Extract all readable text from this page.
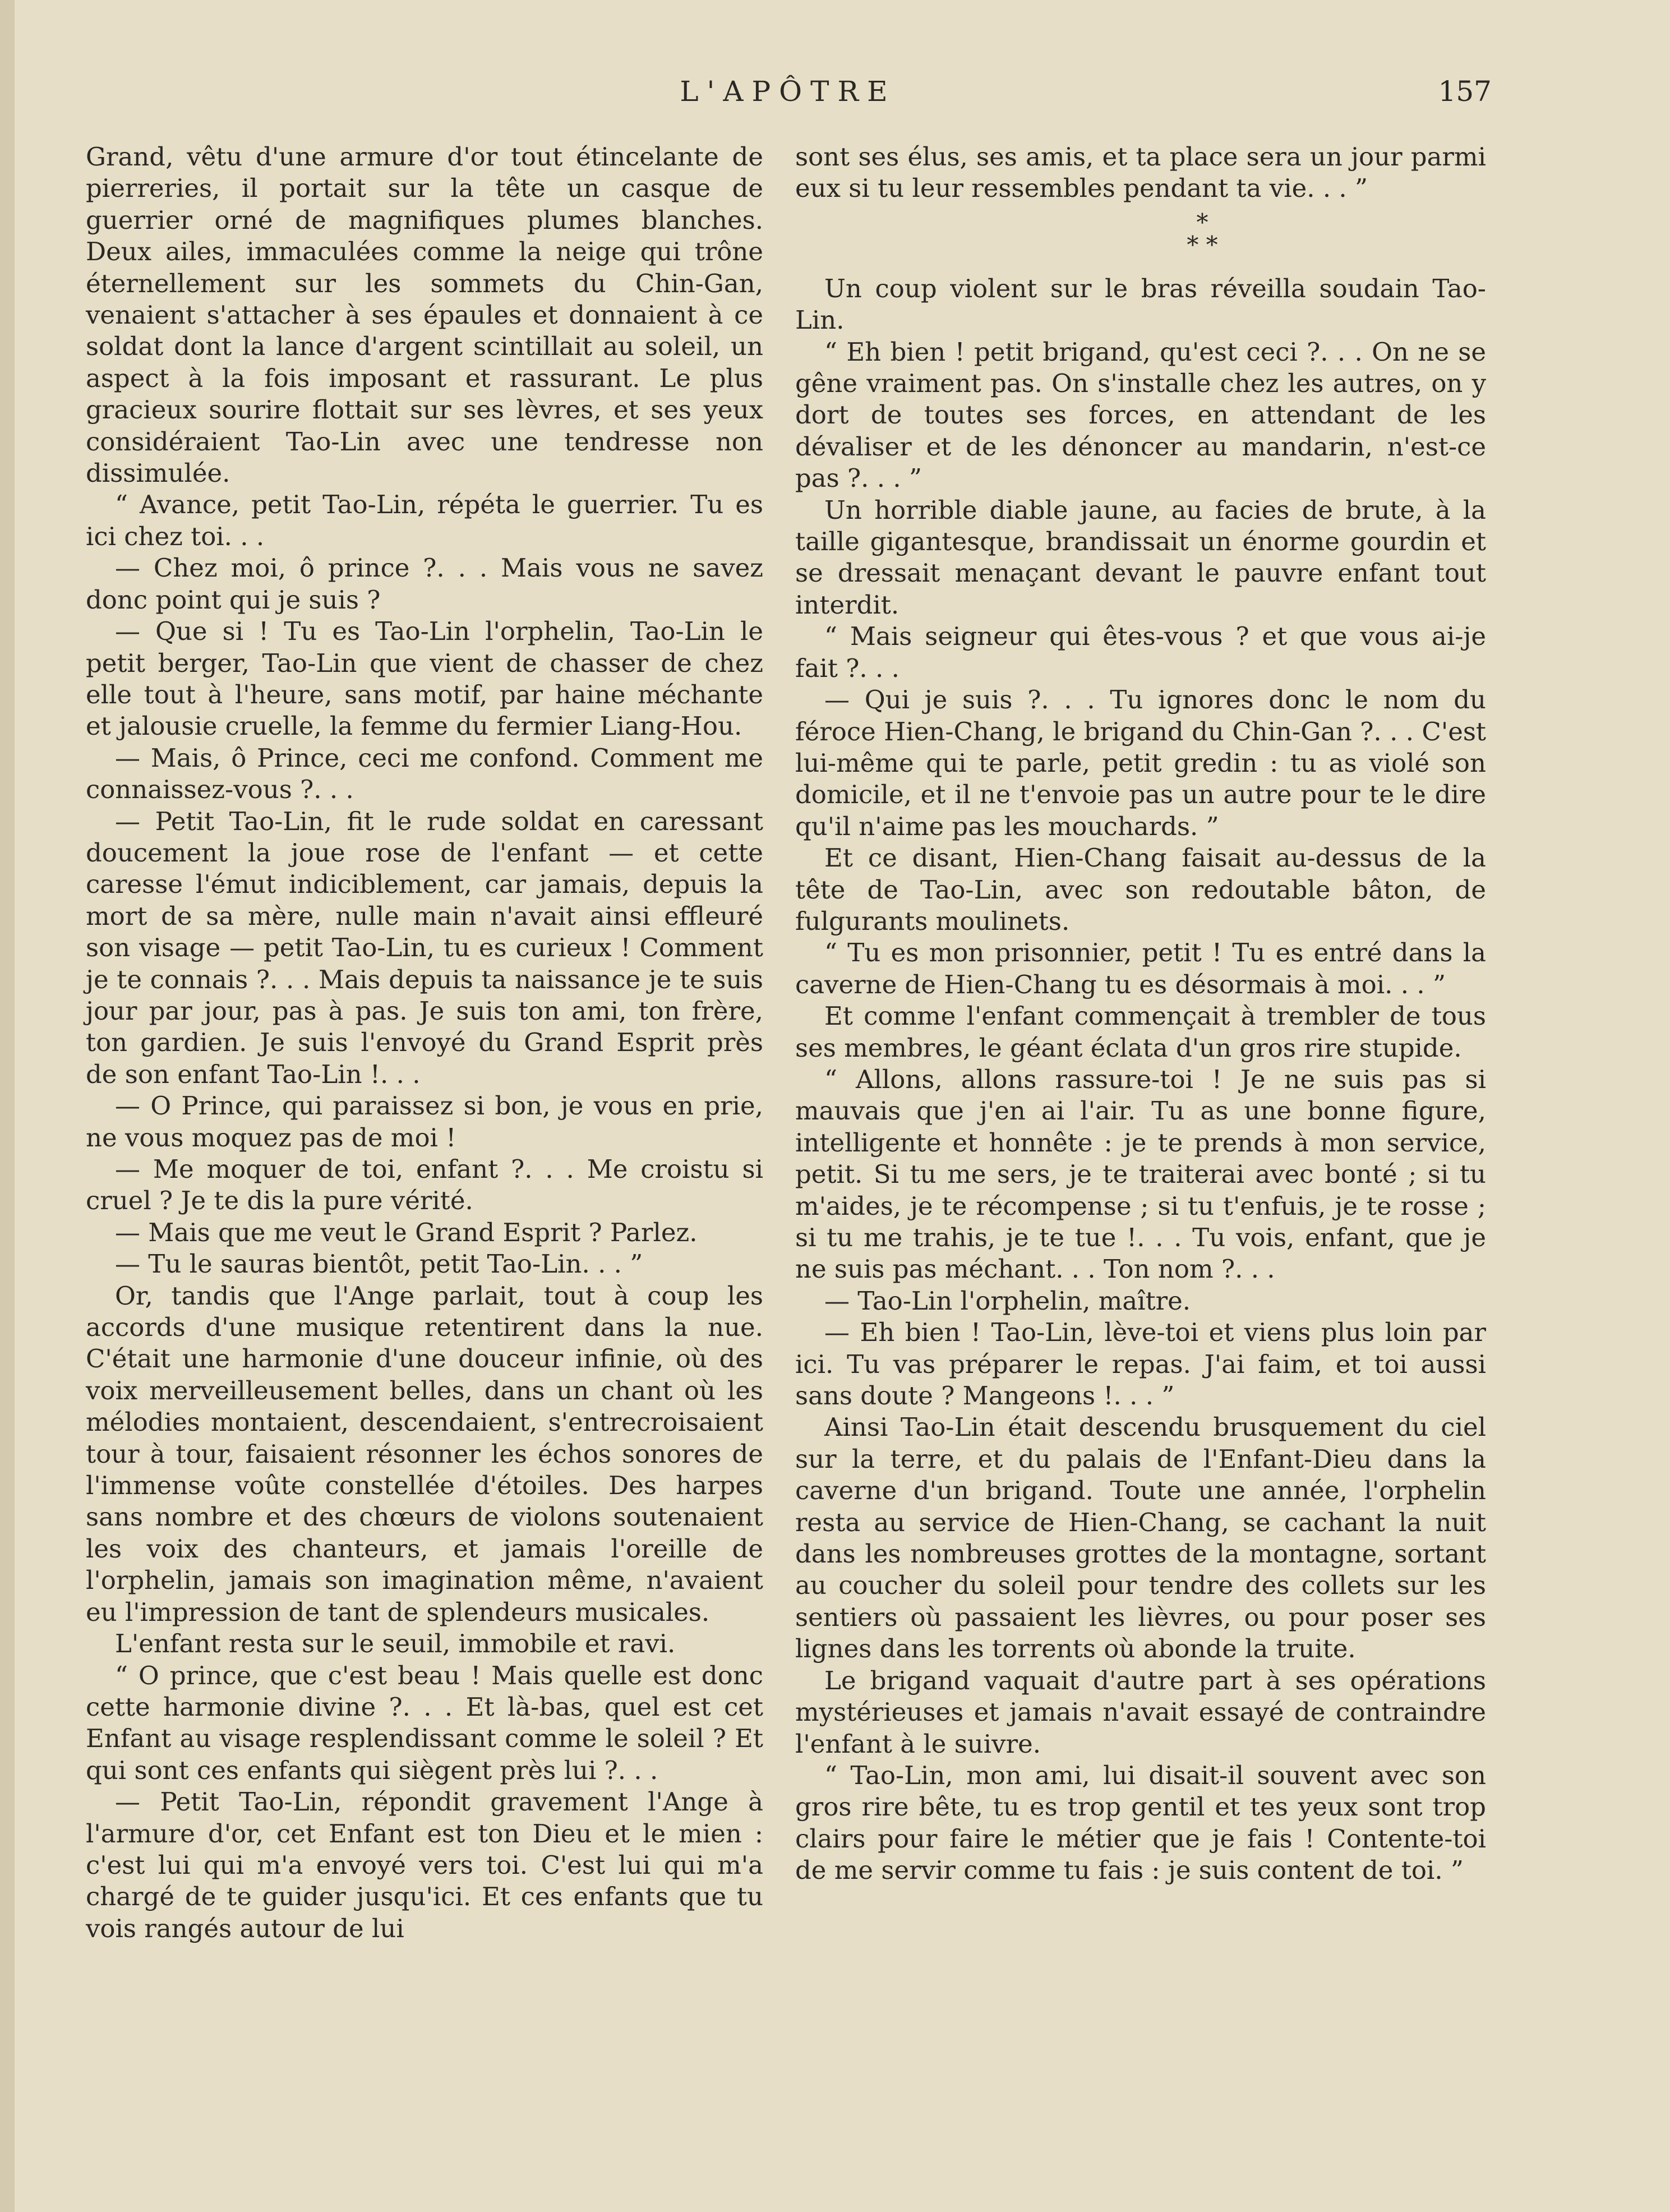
L'APÔTRE	157

Grand, vêtu d'une armure d'or tout étincelante de pierreries, il portait sur la tête un casque de guerrier orné de magnifiques plumes blanches. Deux ailes, immaculées comme la neige qui trône éternellement sur les sommets du Chin-Gan, venaient s'attacher à ses épaules et donnaient à ce soldat dont la lance d'argent scintillait au soleil, un aspect à la fois imposant et rassurant. Le plus gracieux sourire flottait sur ses lèvres, et ses yeux considéraient Tao-Lin avec une tendresse non dissimulée.

“ Avance, petit Tao-Lin, répéta le guerrier. Tu es ici chez toi. . .

— Chez moi, ô prince ?. . . Mais vous ne savez donc point qui je suis ?

— Que si ! Tu es Tao-Lin l'orphelin, Tao-Lin le petit berger, Tao-Lin que vient de chasser de chez elle tout à l'heure, sans motif, par haine méchante et jalousie cruelle, la femme du fermier Liang-Hou.

— Mais, ô Prince, ceci me confond. Comment me connaissez-vous ?. . .

— Petit Tao-Lin, fit le rude soldat en caressant doucement la joue rose de l'enfant — et cette caresse l'émut indiciblement, car jamais, depuis la mort de sa mère, nulle main n'avait ainsi effleuré son visage — petit Tao-Lin, tu es curieux ! Comment je te connais ?. . . Mais depuis ta naissance je te suis jour par jour, pas à pas. Je suis ton ami, ton frère, ton gardien. Je suis l'envoyé du Grand Esprit près de son enfant Tao-Lin !. . .

— O Prince, qui paraissez si bon, je vous en prie, ne vous moquez pas de moi !

— Me moquer de toi, enfant ?. . . Me croistu si cruel ? Je te dis la pure vérité.

— Mais que me veut le Grand Esprit ? Parlez.

— Tu le sauras bientôt, petit Tao-Lin. . . ”

Or, tandis que l'Ange parlait, tout à coup les accords d'une musique retentirent dans la nue. C'était une harmonie d'une douceur infinie, où des voix merveilleusement belles, dans un chant où les mélodies montaient, descendaient, s'entrecroisaient tour à tour, faisaient résonner les échos sonores de l'immense voûte constellée d'étoiles. Des harpes sans nombre et des chœurs de violons soutenaient les voix des chanteurs, et jamais l'oreille de l'orphelin, jamais son imagination même, n'avaient eu l'impression de tant de splendeurs musicales.

L'enfant resta sur le seuil, immobile et ravi.

“ O prince, que c'est beau ! Mais quelle est donc cette harmonie divine ?. . . Et là-bas, quel est cet Enfant au visage resplendissant comme le soleil ? Et qui sont ces enfants qui siègent près lui ?. . .

— Petit Tao-Lin, répondit gravement l'Ange à l'armure d'or, cet Enfant est ton Dieu et le mien : c'est lui qui m'a envoyé vers toi. C'est lui qui m'a chargé de te guider jusqu'ici. Et ces enfants que tu vois rangés autour de lui

sont ses élus, ses amis, et ta place sera un jour parmi eux si tu leur ressembles pendant ta vie. . . ”

*
* *

Un coup violent sur le bras réveilla soudain Tao-Lin.

“ Eh bien ! petit brigand, qu'est ceci ?. . . On ne se gêne vraiment pas. On s'installe chez les autres, on y dort de toutes ses forces, en attendant de les dévaliser et de les dénoncer au mandarin, n'est-ce pas ?. . . ”

Un horrible diable jaune, au facies de brute, à la taille gigantesque, brandissait un énorme gourdin et se dressait menaçant devant le pauvre enfant tout interdit.

“ Mais seigneur qui êtes-vous ? et que vous ai-je fait ?. . .

— Qui je suis ?. . . Tu ignores donc le nom du féroce Hien-Chang, le brigand du Chin-Gan ?. . . C'est lui-même qui te parle, petit gredin : tu as violé son domicile, et il ne t'envoie pas un autre pour te le dire qu'il n'aime pas les mouchards. ”

Et ce disant, Hien-Chang faisait au-dessus de la tête de Tao-Lin, avec son redoutable bâton, de fulgurants moulinets.

“ Tu es mon prisonnier, petit ! Tu es entré dans la caverne de Hien-Chang tu es désormais à moi. . . ”

Et comme l'enfant commençait à trembler de tous ses membres, le géant éclata d'un gros rire stupide.

“ Allons, allons rassure-toi ! Je ne suis pas si mauvais que j'en ai l'air. Tu as une bonne figure, intelligente et honnête : je te prends à mon service, petit. Si tu me sers, je te traiterai avec bonté ; si tu m'aides, je te récompense ; si tu t'enfuis, je te rosse ; si tu me trahis, je te tue !. . . Tu vois, enfant, que je ne suis pas méchant. . . Ton nom ?. . .

— Tao-Lin l'orphelin, maître.

— Eh bien ! Tao-Lin, lève-toi et viens plus loin par ici. Tu vas préparer le repas. J'ai faim, et toi aussi sans doute ? Mangeons !. . . ”

Ainsi Tao-Lin était descendu brusquement du ciel sur la terre, et du palais de l'Enfant-Dieu dans la caverne d'un brigand. Toute une année, l'orphelin resta au service de Hien-Chang, se cachant la nuit dans les nombreuses grottes de la montagne, sortant au coucher du soleil pour tendre des collets sur les sentiers où passaient les lièvres, ou pour poser ses lignes dans les torrents où abonde la truite.

Le brigand vaquait d'autre part à ses opérations mystérieuses et jamais n'avait essayé de contraindre l'enfant à le suivre.

“ Tao-Lin, mon ami, lui disait-il souvent avec son gros rire bête, tu es trop gentil et tes yeux sont trop clairs pour faire le métier que je fais ! Contente-toi de me servir comme tu fais : je suis content de toi. ”
